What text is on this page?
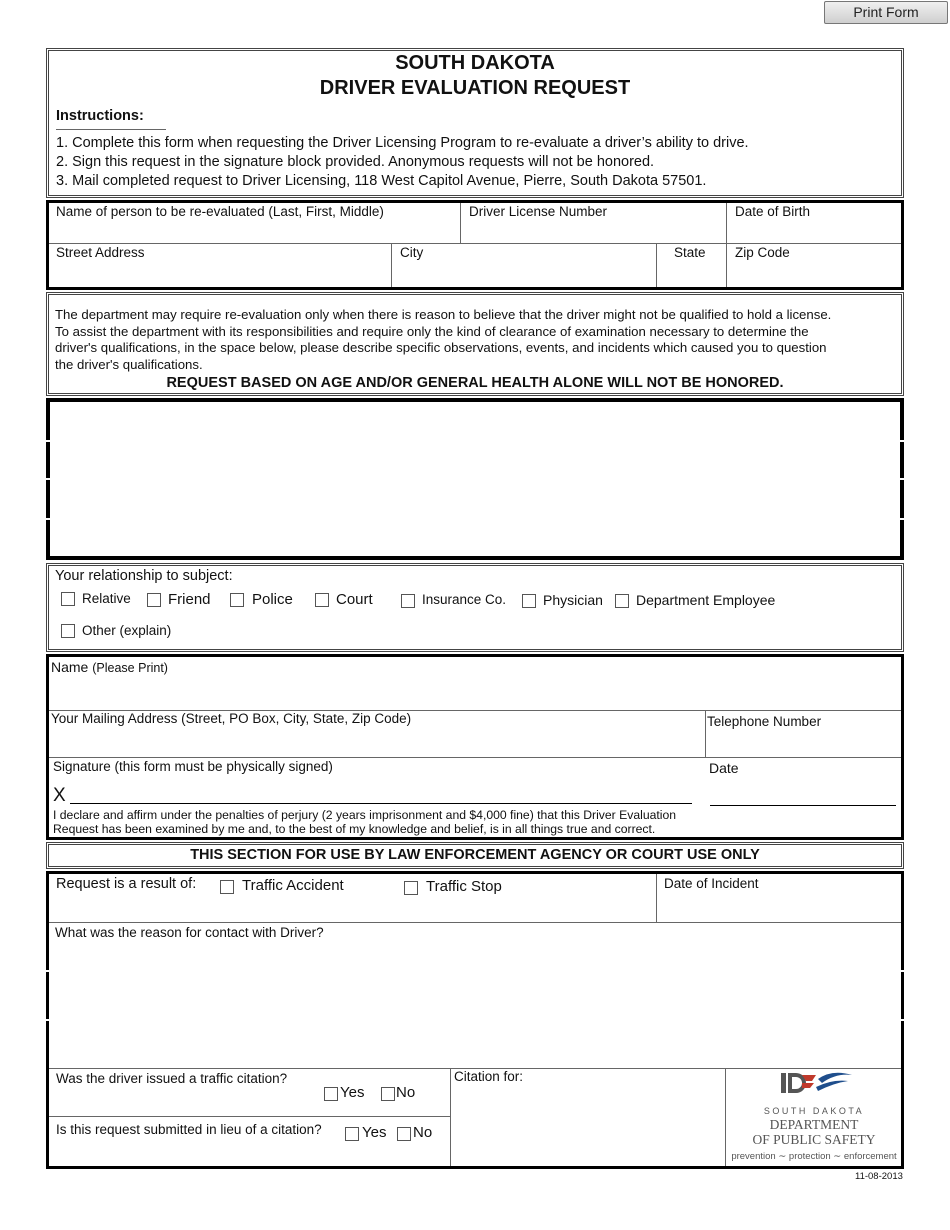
Print Form
SOUTH DAKOTA
DRIVER EVALUATION REQUEST
Instructions:
1. Complete this form when requesting the Driver Licensing Program to re-evaluate a driver’s ability to drive.
2. Sign this request in the signature block provided. Anonymous requests will not be honored.
3. Mail completed request to Driver Licensing, 118 West Capitol Avenue, Pierre, South Dakota 57501.
Name of person to be re-evaluated (Last, First, Middle)	Driver License Number	Date of Birth
Street Address	City	State Zip Code
The department may require re-evaluation only when there is reason to believe that the driver might not be qualified to hold a license.
To assist the department with its responsibilities and require only the kind of clearance of examination necessary to determine the
driver's qualifications, in the space below, please describe specific observations, events, and incidents which caused you to question
the driver's qualifications.
REQUEST BASED ON AGE AND/OR GENERAL HEALTH ALONE WILL NOT BE HONORED.
Your relationship to subject:
Relative Friend	Police	Court	Insurance Co.	Physician Department Employee
Other (explain)
Name (Please Print)
Your Mailing Address (Street, PO Box, City, State, Zip Code)	Telephone Number
Signature (this form must be physically signed)	Date
X
I declare and affirm under the penalties of perjury (2 years imprisonment and $4,000 fine) that this Driver Evaluation
Request has been examined by me and, to the best of my knowledge and belief, is in all things true and correct.
THIS SECTION FOR USE BY LAW ENFORCEMENT AGENCY OR COURT USE ONLY
Request is a result of:	Traffic Accident	Traffic Stop	Date of Incident
What was the reason for contact with Driver?
Was the driver issued a traffic citation?
Yes No
Is this request submitted in lieu of a citation?	Yes No
Citation for:
SOUTH DAKOTA
DEPARTMENT
OF PUBLIC SAFETY
prevention ∼ protection ∼ enforcement
11-08-2013
